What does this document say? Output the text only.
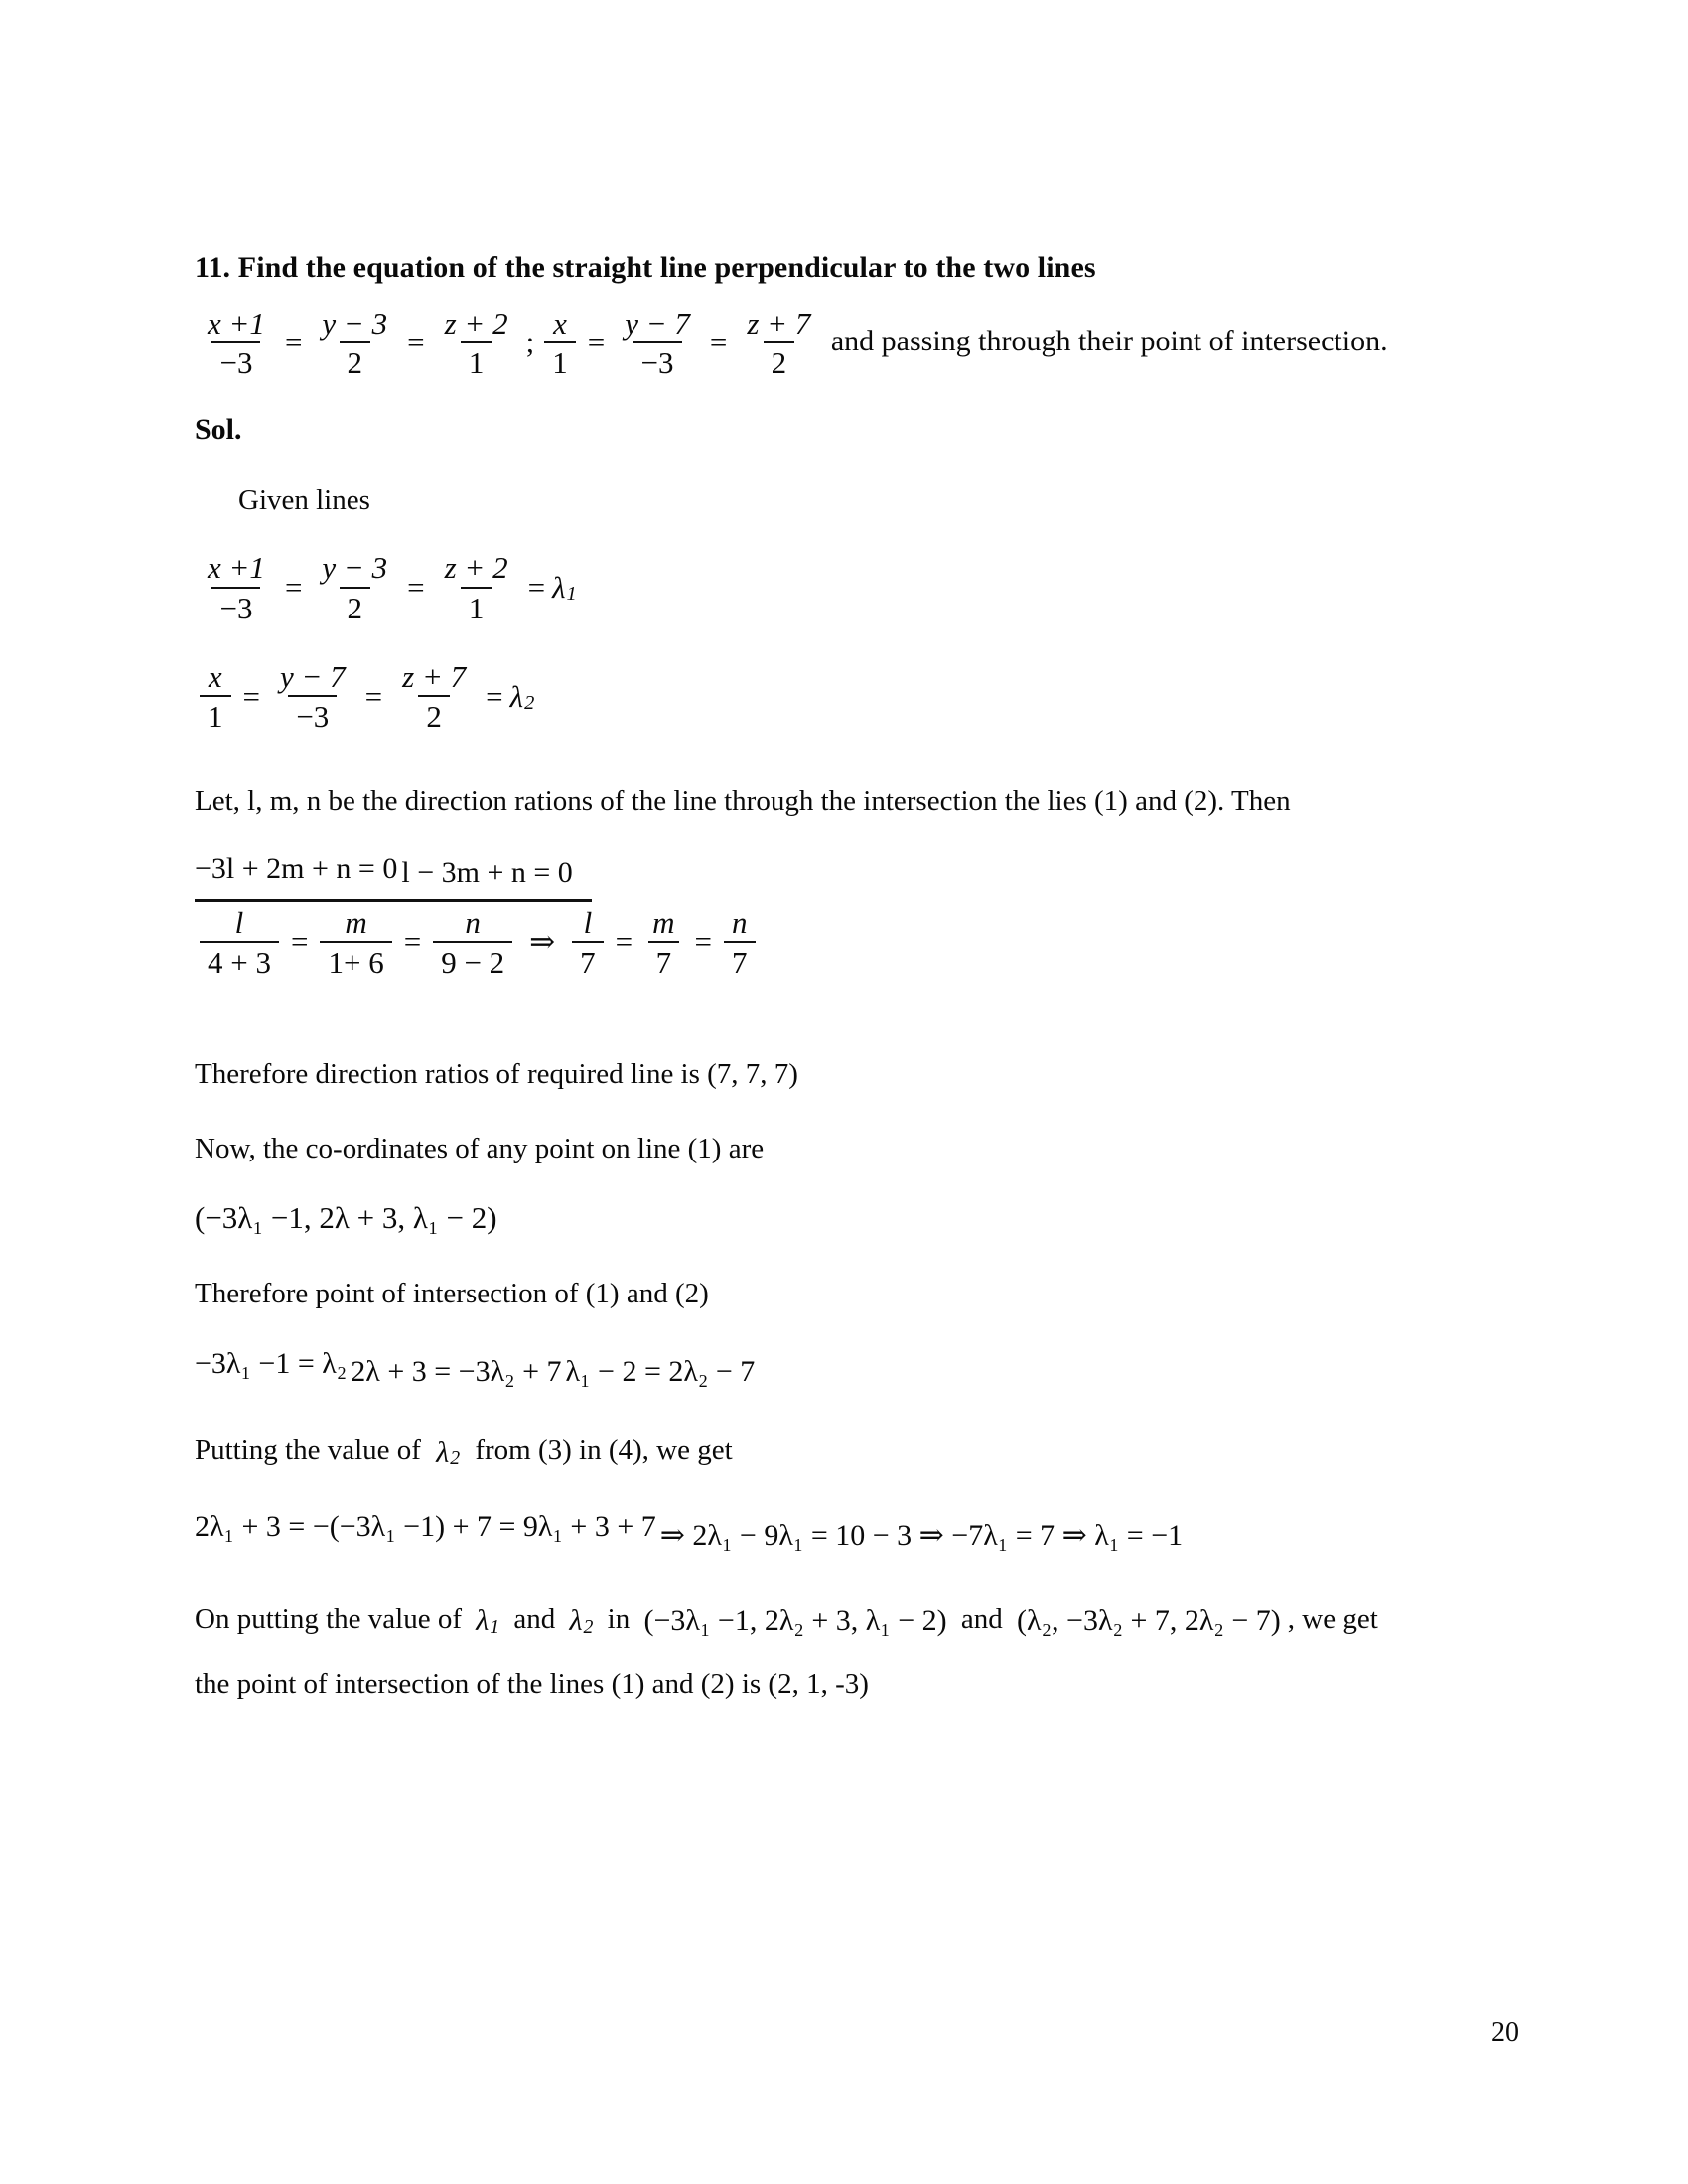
11. Find the equation of the straight line perpendicular to the two lines
$\frac{x +1}{-3} = \frac{y - 3}{2} = \frac{z + 2}{1}$ ; $\frac{x}{1} = \frac{y - 7}{-3} = \frac{z + 7}{2}$ and passing through their point of intersection.
Sol.
Given lines
$\frac{x +1}{-3} = \frac{y - 3}{2} = \frac{z + 2}{1} = \lambda$ 1
$\frac{x}{1} = \frac{y - 7}{-3} = \frac{z + 7}{2} = \lambda$ 2
Let, l, m, n be the direction rations of the line through the intersection the lies (1) and (2). Then
−3l + 2m + n = 0 l − 3m + n = 0
$\frac{l}{4 + 3} = \frac{m}{1+ 6} = \frac{n}{9 - 2}$ ⇒ $\frac{l}{7} = \frac{m}{7} = \frac{n}{7}$
Therefore direction ratios of required line is (7, 7, 7)
Now, the co-ordinates of any point on line (1) are
(−3λ₁ −1, 2λ + 3, λ₁ − 2)
Therefore point of intersection of (1) and (2)
−3λ₁ −1 = λ₂ 2λ + 3 = −3λ₂ + 7 λ₁ − 2 = 2λ₂ − 7
Putting the value of λ 2 from (3) in (4), we get
2λ₁ + 3 = −(−3λ₁ −1) + 7 = 9λ₁ + 3 + 7 ⇒ 2λ₁ − 9λ₁ = 10 − 3 ⇒ −7λ₁ = 7 ⇒ λ₁ = −1
On putting the value of λ 1 and λ 2 in (−3λ₁ −1, 2λ₂ + 3, λ₁ − 2) and (λ₂, −3λ₂ + 7, 2λ₂ − 7) , we get
the point of intersection of the lines (1) and (2) is (2, 1, -3)
20
